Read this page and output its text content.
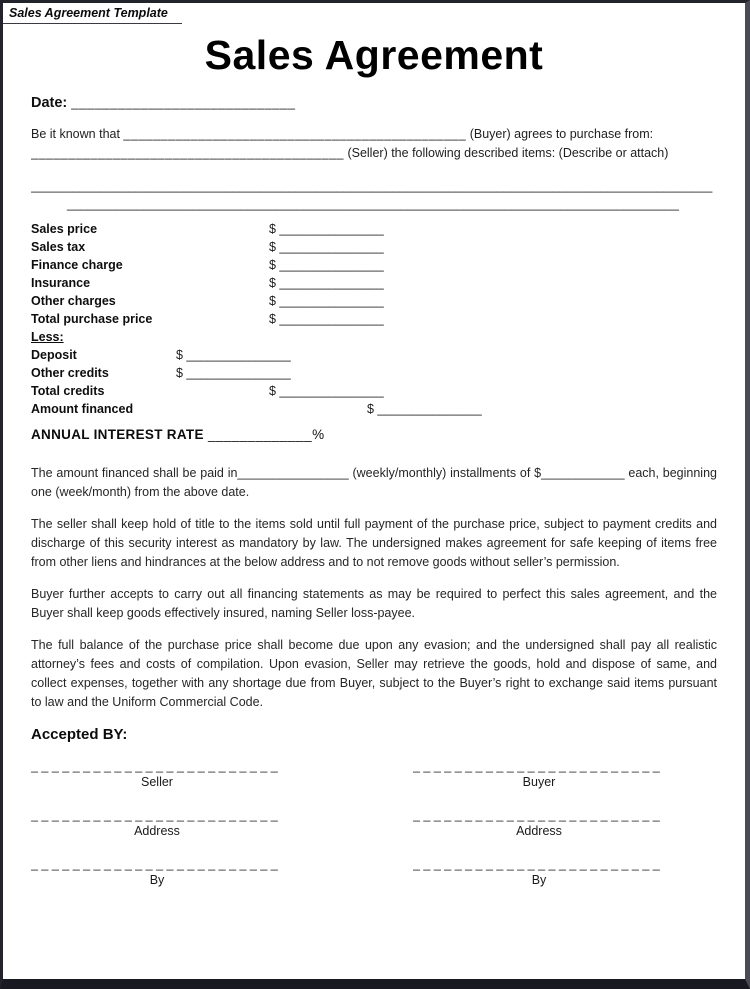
Sales Agreement Template
Sales Agreement
Date: _____________________________
Be it known that ______________________________________________ (Buyer) agrees to purchase from:
__________________________________________ (Seller) the following described items: (Describe or attach)
__________________________________________________________________________________________________
________________________________________________________________________________________
Sales price	$ _______________
Sales tax	$ _______________
Finance charge	$ _______________
Insurance	$ _______________
Other charges	$ _______________
Total purchase price	$ _______________
Less:
Deposit	$ _______________
Other credits	$ _______________
Total credits	$ _______________
Amount financed	$ _______________
ANNUAL INTEREST RATE _____________%

The amount financed shall be paid in________________ (weekly/monthly) installments of $____________ each, beginning one (week/month) from the above date.

The seller shall keep hold of title to the items sold until full payment of the purchase price, subject to payment credits and discharge of this security interest as mandatory by law. The undersigned makes agreement for safe keeping of items free from other liens and hindrances at the below address and to not remove goods without seller’s permission.

Buyer further accepts to carry out all financing statements as may be required to perfect this sales agreement, and the Buyer shall keep goods effectively insured, naming Seller loss-payee.

The full balance of the purchase price shall become due upon any evasion; and the undersigned shall pay all realistic attorney’s fees and costs of compilation. Upon evasion, Seller may retrieve the goods, hold and dispose of same, and collect expenses, together with any shortage due from Buyer, subject to the Buyer’s right to exchange said items pursuant to law and the Uniform Commercial Code.

Accepted BY:
_ _ _ _ _ _ _ _ _ _ _ _ _ _ _ _ _ _ _ _ _ _ _ _
Seller
_ _ _ _ _ _ _ _ _ _ _ _ _ _ _ _ _ _ _ _ _ _ _ _
Address
_ _ _ _ _ _ _ _ _ _ _ _ _ _ _ _ _ _ _ _ _ _ _ _
By
_ _ _ _ _ _ _ _ _ _ _ _ _ _ _ _ _ _ _ _ _ _ _ _
Buyer
_ _ _ _ _ _ _ _ _ _ _ _ _ _ _ _ _ _ _ _ _ _ _ _
Address
_ _ _ _ _ _ _ _ _ _ _ _ _ _ _ _ _ _ _ _ _ _ _ _
By
